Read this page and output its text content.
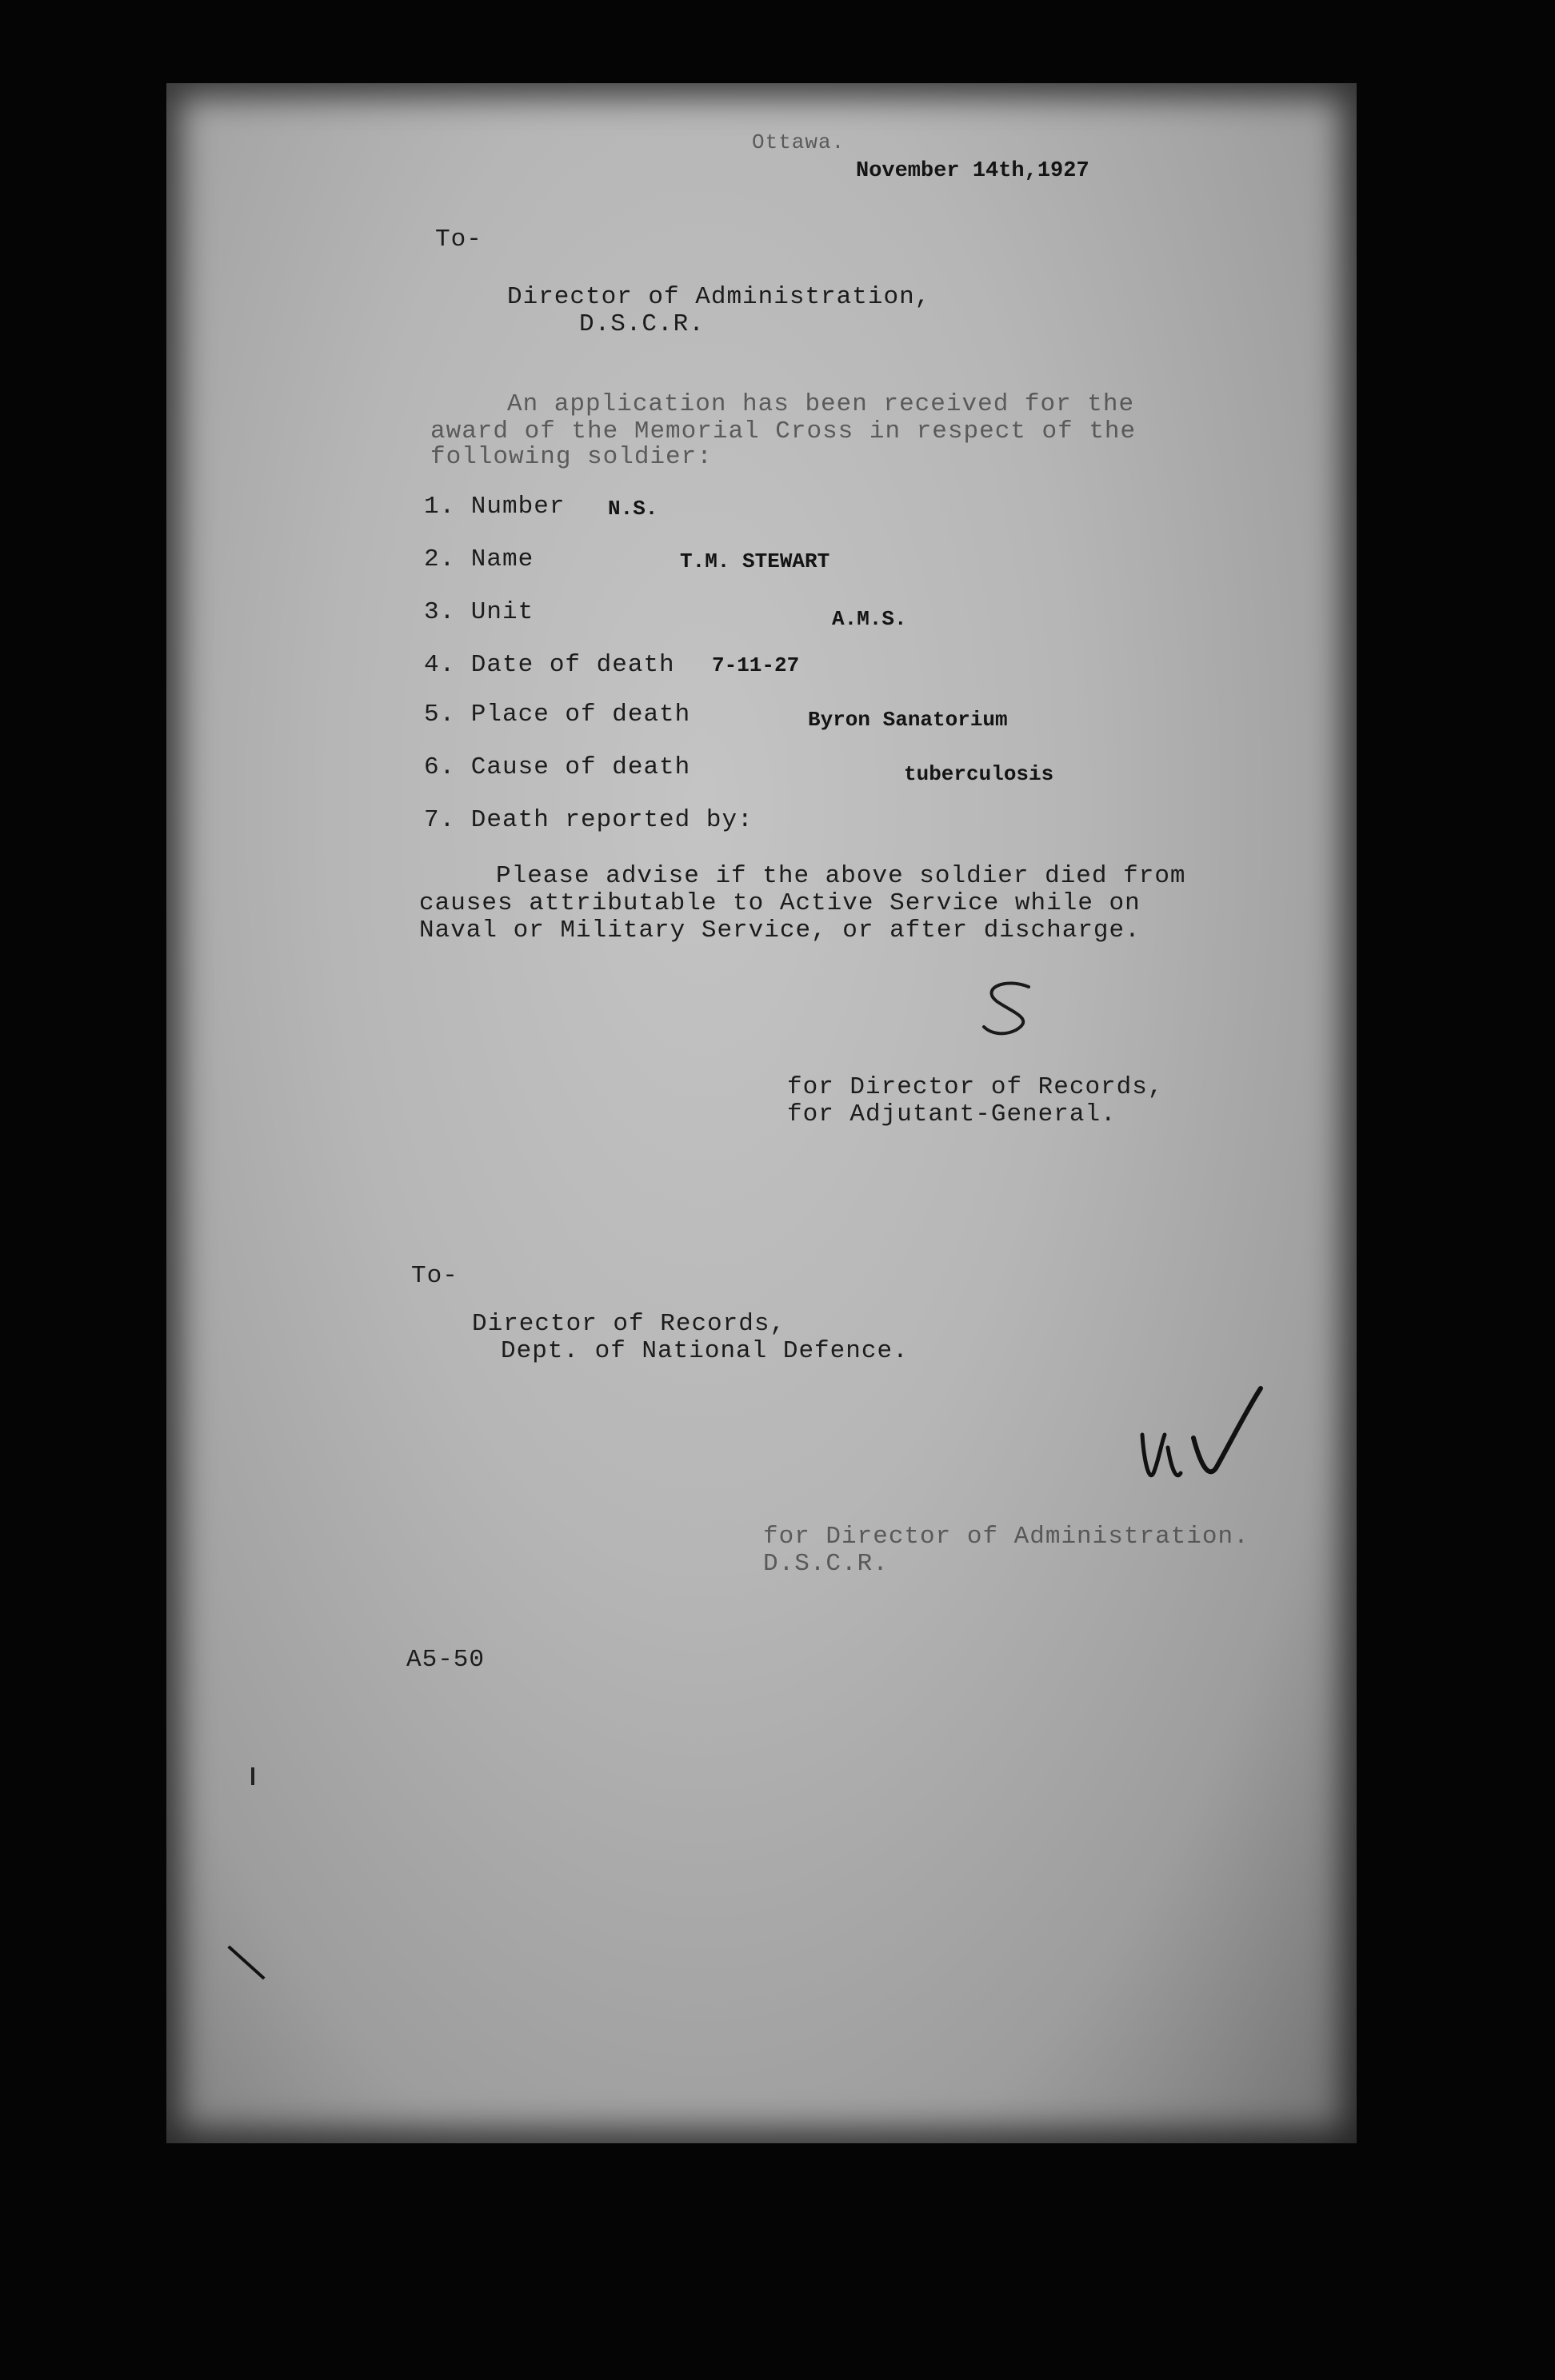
Ottawa.
November 14th,1927
To-
Director of Administration,
D.S.C.R.
An application has been received for the
award of the Memorial Cross in respect of the
following soldier:
1. Number N.S.
2. Name	T.M. STEWART
3. Unit	A.M.S.
4. Date of death 7-11-27
5. Place of death	Byron Sanatorium
6. Cause of death	tuberculosis
7. Death reported by:
Please advise if the above soldier died from
causes attributable to Active Service while on
Naval or Military Service, or after discharge.
for Director of Records,
for Adjutant-General.
To-
Director of Records,
Dept. of National Defence.
for Director of Administration.
D.S.C.R.
A5-50
